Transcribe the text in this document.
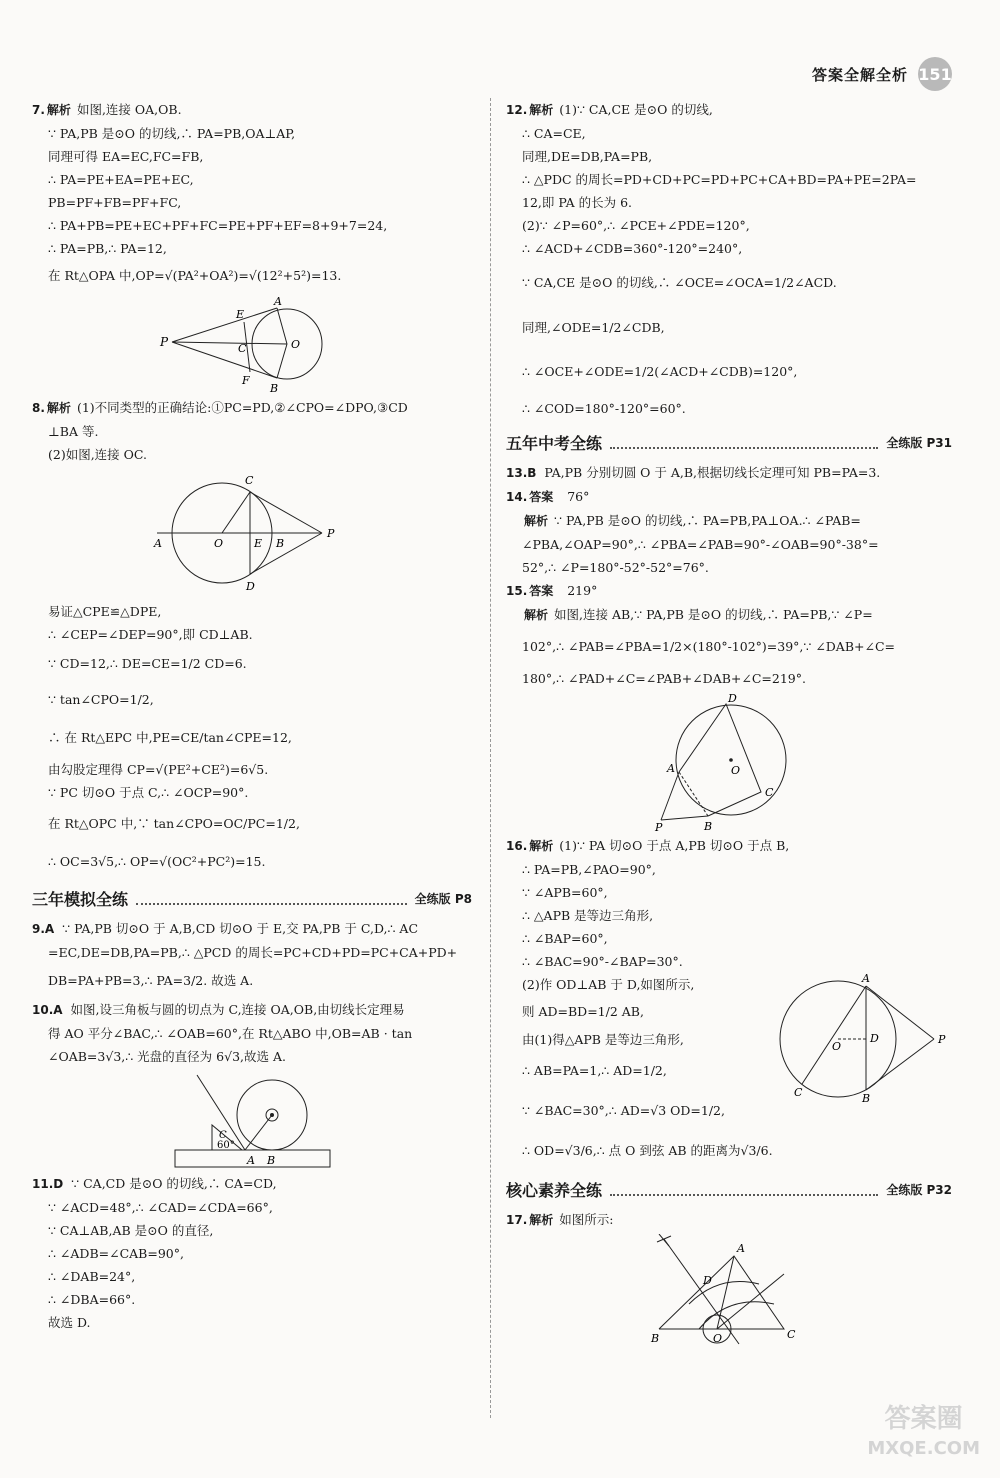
答案全解全析 151
7. 解析 如图,连接 OA,OB.
∵ PA,PB 是⊙O 的切线,∴ PA=PB,OA⊥AP,
同理可得 EA=EC,FC=FB,
∴ PA=PE+EA=PE+EC,
PB=PF+FB=PF+FC,
∴ PA+PB=PE+EC+PF+FC=PE+PF+EF=8+9+7=24,
∴ PA=PB,∴ PA=12,
在 Rt△OPA 中,OP=√(PA²+OA²)=√(12²+5²)=13.
P
A
E
C	O
F
B
8. 解析 (1)不同类型的正确结论:①PC=PD,②∠CPO=∠DPO,③CD
⊥BA 等.
(2)如图,连接 OC.
C
A	O	E B
P
D
易证△CPE≌△DPE,
∴ ∠CEP=∠DEP=90°,即 CD⊥AB.
∵ CD=12,∴ DE=CE=1/2 CD=6.
∵ tan∠CPO=1/2,
∴ 在 Rt△EPC 中,PE=CE/tan∠CPE=12,
由勾股定理得 CP=√(PE²+CE²)=6√5.
∵ PC 切⊙O 于点 C,∴ ∠OCP=90°.
在 Rt△OPC 中,∵ tan∠CPO=OC/PC=1/2,
∴ OC=3√5,∴ OP=√(OC²+PC²)=15.
三年模拟全练	全练版 P8
9.A ∵ PA,PB 切⊙O 于 A,B,CD 切⊙O 于 E,交 PA,PB 于 C,D,∴ AC
=EC,DE=DB,PA=PB,∴ △PCD 的周长=PC+CD+PD=PC+CA+PD+
DB=PA+PB=3,∴ PA=3/2. 故选 A.
10.A 如图,设三角板与圆的切点为 C,连接 OA,OB,由切线长定理易
得 AO 平分∠BAC,∴ ∠OAB=60°,在 Rt△ABO 中,OB=AB · tan
∠OAB=3√3,∴ 光盘的直径为 6√3,故选 A.
C
60°
A B
11.D ∵ CA,CD 是⊙O 的切线,∴ CA=CD,
∵ ∠ACD=48°,∴ ∠CAD=∠CDA=66°,
∵ CA⊥AB,AB 是⊙O 的直径,
∴ ∠ADB=∠CAB=90°,
∴ ∠DAB=24°,
∴ ∠DBA=66°.
故选 D.
12. 解析 (1)∵ CA,CE 是⊙O 的切线,
∴ CA=CE,
同理,DE=DB,PA=PB,
∴ △PDC 的周长=PD+CD+PC=PD+PC+CA+BD=PA+PE=2PA=
12,即 PA 的长为 6.
(2)∵ ∠P=60°,∴ ∠PCE+∠PDE=120°,
∴ ∠ACD+∠CDB=360°-120°=240°,
∵ CA,CE 是⊙O 的切线,∴ ∠OCE=∠OCA=1/2∠ACD.
同理,∠ODE=1/2∠CDB,
∴ ∠OCE+∠ODE=1/2(∠ACD+∠CDB)=120°,
∴ ∠COD=180°-120°=60°.
五年中考全练	全练版 P31
13.B PA,PB 分别切圆 O 于 A,B,根据切线长定理可知 PB=PA=3.
14. 答案 76°
解析 ∵ PA,PB 是⊙O 的切线,∴ PA=PB,PA⊥OA.∴ ∠PAB=
∠PBA,∠OAP=90°,∴ ∠PBA=∠PAB=90°-∠OAB=90°-38°=
52°,∴ ∠P=180°-52°-52°=76°.
15. 答案 219°
解析 如图,连接 AB,∵ PA,PB 是⊙O 的切线,∴ PA=PB,∵ ∠P=
102°,∴ ∠PAB=∠PBA=1/2×(180°-102°)=39°,∵ ∠DAB+∠C=
180°,∴ ∠PAD+∠C=∠PAB+∠DAB+∠C=219°.
D
A	O
C
P	B
16. 解析 (1)∵ PA 切⊙O 于点 A,PB 切⊙O 于点 B,
∴ PA=PB,∠PAO=90°,
∵ ∠APB=60°,
∴ △APB 是等边三角形,
∴ ∠BAP=60°,
∴ ∠BAC=90°-∠BAP=30°.
(2)作 OD⊥AB 于 D,如图所示,
则 AD=BD=1/2 AB,
由(1)得△APB 是等边三角形,
∴ AB=PA=1,∴ AD=1/2,
∵ ∠BAC=30°,∴ AD=√3 OD=1/2,
∴ OD=√3/6,∴ 点 O 到弦 AB 的距离为√3/6.
A
D
O
P
C	B
核心素养全练	全练版 P32
17. 解析 如图所示:
A
D
B	O	C
答案圈
MXQE.COM
